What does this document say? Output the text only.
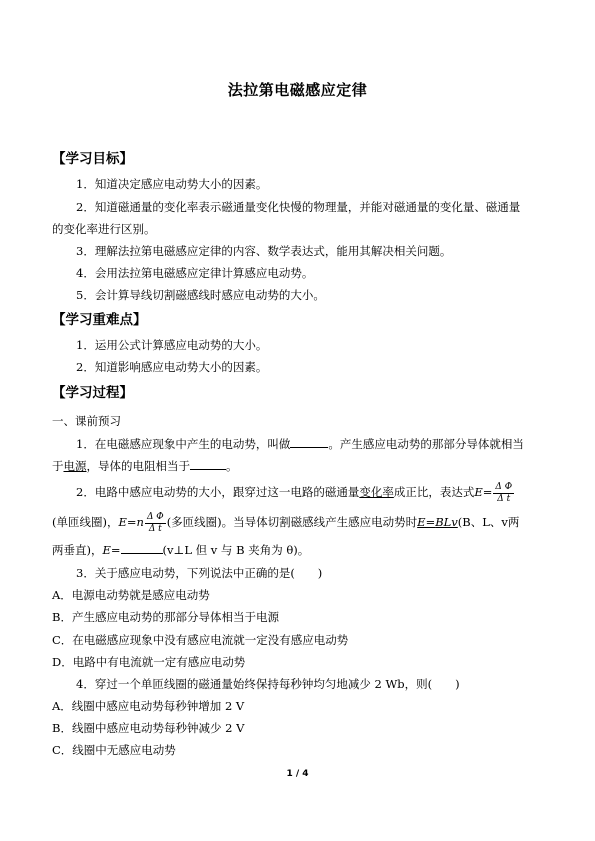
法拉第电磁感应定律
【学习目标】
1．知道决定感应电动势大小的因素。
2．知道磁通量的变化率表示磁通量变化快慢的物理量，并能对磁通量的变化量、磁通量
的变化率进行区别。
3．理解法拉第电磁感应定律的内容、数学表达式，能用其解决相关问题。
4．会用法拉第电磁感应定律计算感应电动势。
5．会计算导线切割磁感线时感应电动势的大小。
【学习重难点】
1．运用公式计算感应电动势的大小。
2．知道影响感应电动势大小的因素。
【学习过程】
一、课前预习
1．在电磁感应现象中产生的电动势，叫做	。产生感应电动势的那部分导体就相当
于电源，导体的电阻相当于	。
2．电路中感应电动势的大小，跟穿过这一电路的磁通量变化率成正比，表达式$E= \frac{\text{Δ Φ}}{\text{Δ t}}$
(单匝线圈)，$E=n \frac{\text{Δ Φ}}{\text{Δ t}}$ (多匝线圈)。当导体切割磁感线产生感应电动势时E=BLv(B、L、v两
两垂直)，E=	(v⊥L 但 v 与 B 夹角为 θ)。
3．关于感应电动势，下列说法中正确的是(　　)
A．电源电动势就是感应电动势
B．产生感应电动势的那部分导体相当于电源
C．在电磁感应现象中没有感应电流就一定没有感应电动势
D．电路中有电流就一定有感应电动势
4．穿过一个单匝线圈的磁通量始终保持每秒钟均匀地减少 2 Wb，则(　　)
A．线圈中感应电动势每秒钟增加 2 V
B．线圈中感应电动势每秒钟减少 2 V
C．线圈中无感应电动势
1 / 4
